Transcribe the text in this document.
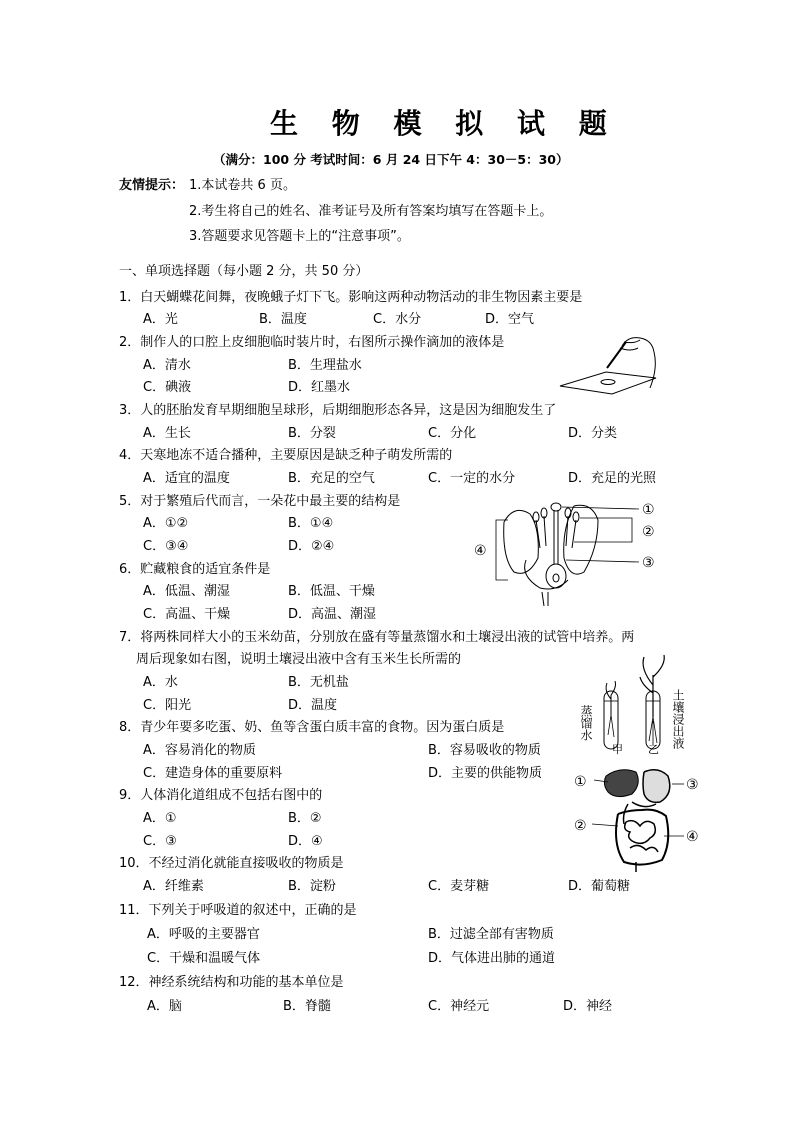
生 物 模 拟 试 题
（满分：100 分 考试时间：6 月 24 日下午 4：30－5：30）
友情提示： 1.本试卷共 6 页。
2.考生将自己的姓名、准考证号及所有答案均填写在答题卡上。
3.答题要求见答题卡上的“注意事项”。
一、单项选择题（每小题 2 分，共 50 分）
1．白天蝴蝶花间舞，夜晚蛾子灯下飞。影响这两种动物活动的非生物因素主要是
A．光	B．温度	C．水分	D．空气
2．制作人的口腔上皮细胞临时装片时，右图所示操作滴加的液体是
A．清水	B．生理盐水
C．碘液	D．红墨水
3．人的胚胎发育早期细胞呈球形，后期细胞形态各异，这是因为细胞发生了
A．生长	B．分裂	C．分化	D．分类
4．天寒地冻不适合播种，主要原因是缺乏种子萌发所需的
A．适宜的温度	B．充足的空气	C．一定的水分	D．充足的光照
5．对于繁殖后代而言，一朵花中最主要的结构是
A．①②	B．①④
C．③④	D．②④
①
②
③
④
6．贮藏粮食的适宜条件是
A．低温、潮湿	B．低温、干燥
C．高温、干燥	D．高温、潮湿
7．将两株同样大小的玉米幼苗，分别放在盛有等量蒸馏水和土壤浸出液的试管中培养。两
周后现象如右图，说明土壤浸出液中含有玉米生长所需的
A．水	B．无机盐
C．阳光	D．温度	蒸馏水	土壤浸出液
甲 乙
8．青少年要多吃蛋、奶、鱼等含蛋白质丰富的食物。因为蛋白质是
A．容易消化的物质	B．容易吸收的物质
C．建造身体的重要原料	D．主要的供能物质
9．人体消化道组成不包括右图中的
A．①	B．②
C．③	D．④
①
②
③
④
10．不经过消化就能直接吸收的物质是
A．纤维素	B．淀粉	C．麦芽糖	D．葡萄糖
11．下列关于呼吸道的叙述中，正确的是
A．呼吸的主要器官	B．过滤全部有害物质
C．干燥和温暖气体	D．气体进出肺的通道
12．神经系统结构和功能的基本单位是
A．脑	B．脊髓	C．神经元	D．神经
